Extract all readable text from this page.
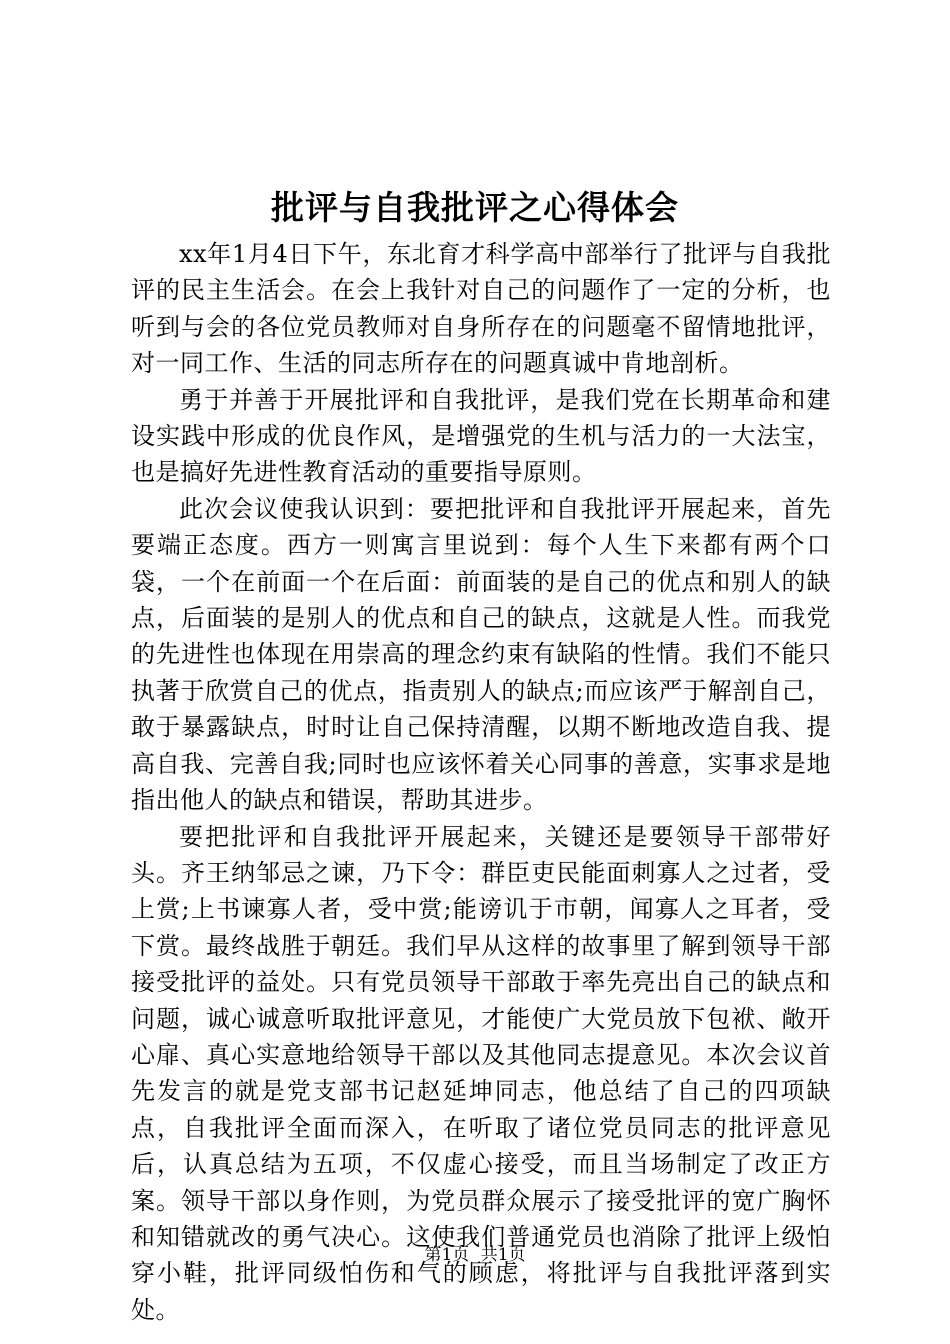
批评与自我批评之心得体会

xx年1月4日下午，东北育才科学高中部举行了批评与自我批评的民主生活会。在会上我针对自己的问题作了一定的分析，也听到与会的各位党员教师对自身所存在的问题毫不留情地批评，对一同工作、生活的同志所存在的问题真诚中肯地剖析。

勇于并善于开展批评和自我批评，是我们党在长期革命和建设实践中形成的优良作风，是增强党的生机与活力的一大法宝，也是搞好先进性教育活动的重要指导原则。

此次会议使我认识到：要把批评和自我批评开展起来，首先要端正态度。西方一则寓言里说到：每个人生下来都有两个口袋，一个在前面一个在后面：前面装的是自己的优点和别人的缺点，后面装的是别人的优点和自己的缺点，这就是人性。而我党的先进性也体现在用崇高的理念约束有缺陷的性情。我们不能只执著于欣赏自己的优点，指责别人的缺点;而应该严于解剖自己，敢于暴露缺点，时时让自己保持清醒，以期不断地改造自我、提高自我、完善自我;同时也应该怀着关心同事的善意，实事求是地指出他人的缺点和错误，帮助其进步。

要把批评和自我批评开展起来，关键还是要领导干部带好头。齐王纳邹忌之谏，乃下令：群臣吏民能面刺寡人之过者，受上赏;上书谏寡人者，受中赏;能谤讥于市朝，闻寡人之耳者，受下赏。最终战胜于朝廷。我们早从这样的故事里了解到领导干部接受批评的益处。只有党员领导干部敢于率先亮出自己的缺点和问题，诚心诚意听取批评意见，才能使广大党员放下包袱、敞开心扉、真心实意地给领导干部以及其他同志提意见。本次会议首先发言的就是党支部书记赵延坤同志，他总结了自己的四项缺点，自我批评全面而深入，在听取了诸位党员同志的批评意见后，认真总结为五项，不仅虚心接受，而且当场制定了改正方案。领导干部以身作则，为党员群众展示了接受批评的宽广胸怀和知错就改的勇气决心。这使我们普通党员也消除了批评上级怕穿小鞋，批评同级怕伤和气的顾虑，将批评与自我批评落到实处。

第1页 共1页
